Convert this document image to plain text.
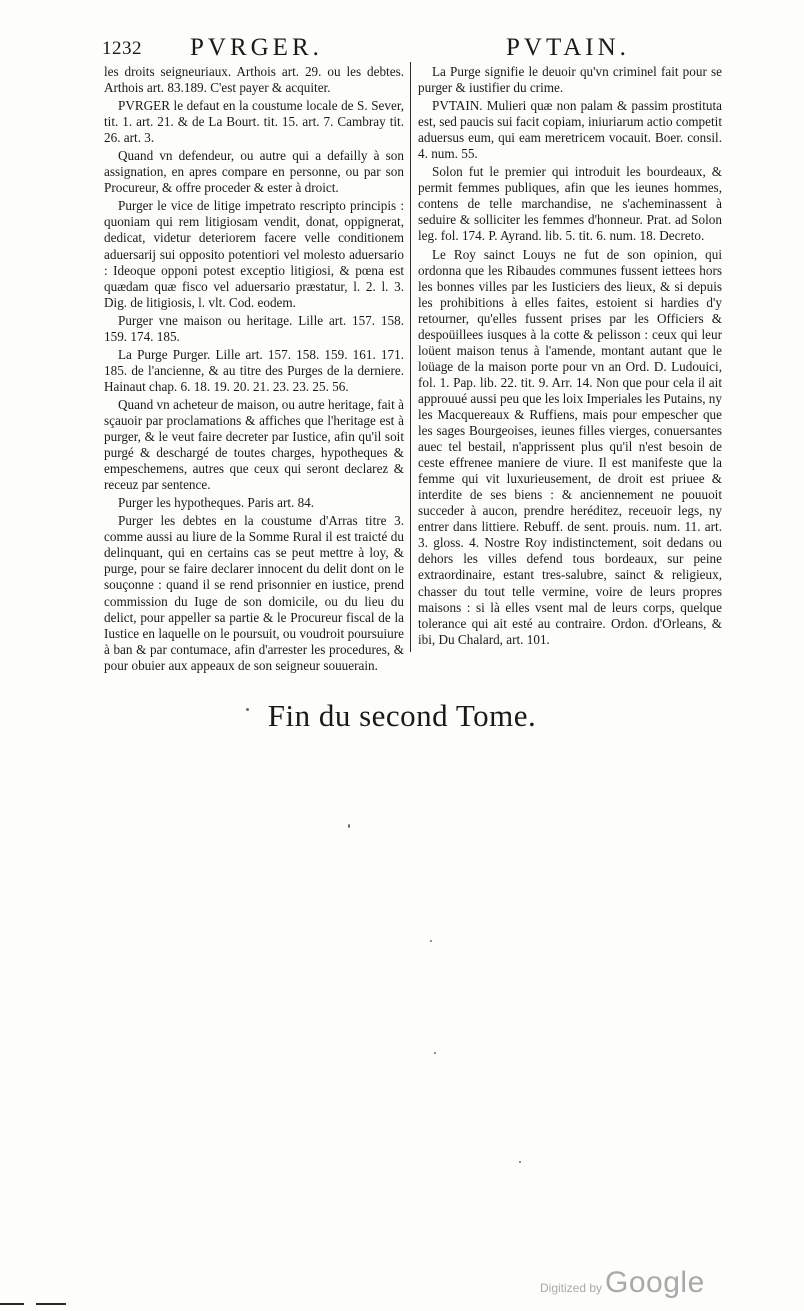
1232 PVRGER.	PVTAIN.

les droits seigneuriaux. Arthois art. 29. ou les debtes. Arthois art. 83.189. C'est payer & acquiter.

PVRGER le defaut en la coustume locale de S. Sever, tit. 1. art. 21. & de La Bourt. tit. 15. art. 7. Cambray tit. 26. art. 3.

Quand vn defendeur, ou autre qui a defailly à son assignation, en apres compare en personne, ou par son Procureur, & offre proceder & ester à droict.

Purger le vice de litige impetrato rescripto principis : quoniam qui rem litigiosam vendit, donat, oppignerat, dedicat, videtur deteriorem facere velle conditionem aduersarij sui opposito potentiori vel molesto aduersario : Ideoque opponi potest exceptio litigiosi, & pœna est quædam quæ fisco vel aduersario præstatur, l. 2. l. 3. Dig. de litigiosis, l. vlt. Cod. eodem.

Purger vne maison ou heritage. Lille art. 157. 158. 159. 174. 185.

La Purge Purger. Lille art. 157. 158. 159. 161. 171. 185. de l'ancienne, & au titre des Purges de la derniere. Hainaut chap. 6. 18. 19. 20. 21. 23. 23. 25. 56.

Quand vn acheteur de maison, ou autre heritage, fait à sçauoir par proclamations & affiches que l'heritage est à purger, & le veut faire decreter par Iustice, afin qu'il soit purgé & deschargé de toutes charges, hypotheques & empeschemens, autres que ceux qui seront declarez & receuz par sentence.

Purger les hypotheques. Paris art. 84.

Purger les debtes en la coustume d'Arras titre 3. comme aussi au liure de la Somme Rural il est traicté du delinquant, qui en certains cas se peut mettre à loy, & purge, pour se faire declarer innocent du delit dont on le souçonne : quand il se rend prisonnier en iustice, prend commission du Iuge de son domicile, ou du lieu du delict, pour appeller sa partie & le Procureur fiscal de la Iustice en laquelle on le poursuit, ou voudroit poursuiure à ban & par contumace, afin d'arrester les procedures, & pour obuier aux appeaux de son seigneur souuerain.

La Purge signifie le deuoir qu'vn criminel fait pour se purger & iustifier du crime.

PVTAIN. Mulieri quæ non palam & passim prostituta est, sed paucis sui facit copiam, iniuriarum actio competit aduersus eum, qui eam meretricem vocauit. Boer. consil. 4. num. 55.

Solon fut le premier qui introduit les bourdeaux, & permit femmes publiques, afin que les ieunes hommes, contens de telle marchandise, ne s'acheminassent à seduire & solliciter les femmes d'honneur. Prat. ad Solon leg. fol. 174. P. Ayrand. lib. 5. tit. 6. num. 18. Decreto.

Le Roy sainct Louys ne fut de son opinion, qui ordonna que les Ribaudes communes fussent iettees hors les bonnes villes par les Iusticiers des lieux, & si depuis les prohibitions à elles faites, estoient si hardies d'y retourner, qu'elles fussent prises par les Officiers & despoüillees iusques à la cotte & pelisson : ceux qui leur loüent maison tenus à l'amende, montant autant que le loüage de la maison porte pour vn an Ord. D. Ludouici, fol. 1. Pap. lib. 22. tit. 9. Arr. 14. Non que pour cela il ait approuué aussi peu que les loix Imperiales les Putains, ny les Macquereaux & Ruffiens, mais pour empescher que les sages Bourgeoises, ieunes filles vierges, conuersantes auec tel bestail, n'apprissent plus qu'il n'est besoin de ceste effrenee maniere de viure. Il est manifeste que la femme qui vit luxurieusement, de droit est priuee & interdite de ses biens : & anciennement ne pouuoit succeder à aucon, prendre heréditez, receuoir legs, ny entrer dans littiere. Rebuff. de sent. prouis. num. 11. art. 3. gloss. 4. Nostre Roy indistinctement, soit dedans ou dehors les villes defend tous bordeaux, sur peine extraordinaire, estant tres-salubre, sainct & religieux, chasser du tout telle vermine, voire de leurs propres maisons : si là elles vsent mal de leurs corps, quelque tolerance qui ait esté au contraire. Ordon. d'Orleans, & ibi, Du Chalard, art. 101.

Fin du second Tome.
Digitized by Google
